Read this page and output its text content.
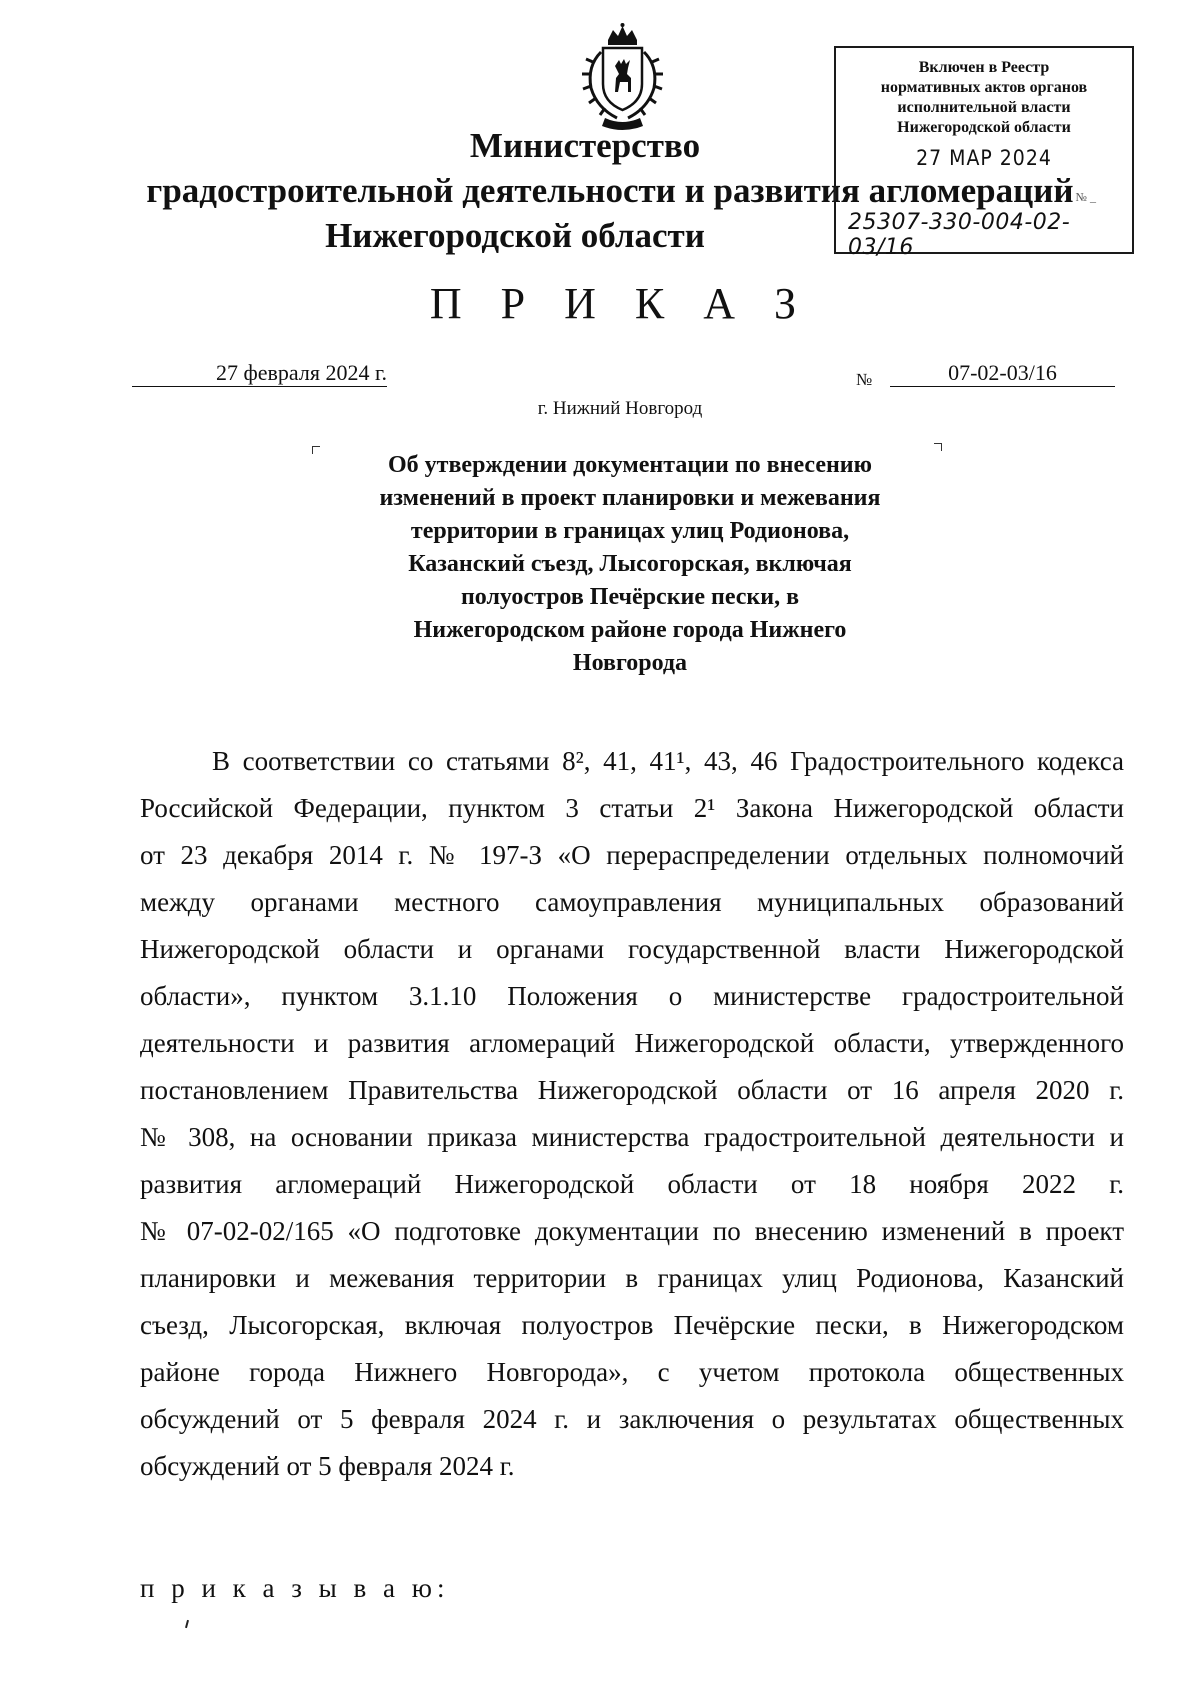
Министерство
градостроительной деятельности и развития агломераций
Нижегородской области
П Р И К А З
Включен в Реестр
нормативных актов органов
исполнительной власти
Нижегородской области
27 МАР 2024
№ _
25307-330-004-02-03/16
27 февраля 2024 г.	№	07-02-03/16
г. Нижний Новгород
Об утверждении документации по внесению
изменений в проект планировки и межевания
территории в границах улиц Родионова,
Казанский съезд, Лысогорская, включая
полуостров Печёрские пески, в
Нижегородском районе города Нижнего
Новгорода
В соответствии со статьями 8², 41, 41¹, 43, 46 Градостроительного кодекса
Российской Федерации, пунктом 3 статьи 2¹ Закона Нижегородской области
от 23 декабря 2014 г. № 197-З «О перераспределении отдельных полномочий
между органами местного самоуправления муниципальных образований
Нижегородской области и органами государственной власти Нижегородской
области», пунктом 3.1.10 Положения о министерстве градостроительной
деятельности и развития агломераций Нижегородской области, утвержденного
постановлением Правительства Нижегородской области от 16 апреля 2020 г.
№ 308, на основании приказа министерства градостроительной деятельности и
развития агломераций Нижегородской области от 18 ноября 2022 г.
№ 07-02-02/165 «О подготовке документации по внесению изменений в проект
планировки и межевания территории в границах улиц Родионова, Казанский
съезд, Лысогорская, включая полуостров Печёрские пески, в Нижегородском
районе города Нижнего Новгорода», с учетом протокола общественных
обсуждений от 5 февраля 2024 г. и заключения о результатах общественных
обсуждений от 5 февраля 2024 г.
п р и к а з ы в а ю:
